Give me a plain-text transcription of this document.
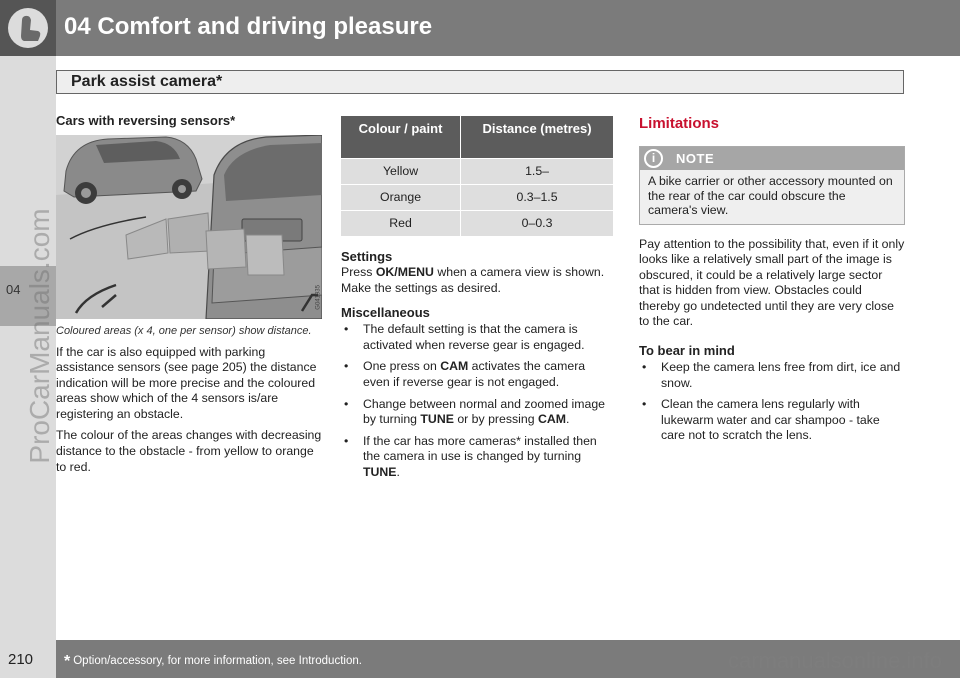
04 Comfort and driving pleasure
04
Park assist camera*
Cars with reversing sensors*
G041935
Coloured areas (x 4, one per sensor) show distance.

If the car is also equipped with parking assistance sensors (see page 205) the distance indication will be more precise and the coloured areas show which of the 4 sensors is/are registering an obstacle.

The colour of the areas changes with decreasing distance to the obstacle - from yellow to orange to red.

Colour / paint	Distance (metres)
Yellow	1.5–
Orange	0.3–1.5
Red	0–0.3
Settings

Press OK/MENU when a camera view is shown. Make the settings as desired.

Miscellaneous
• The default setting is that the camera is activated when reverse gear is engaged.
• One press on CAM activates the camera even if reverse gear is not engaged.
• Change between normal and zoomed image by turning TUNE or by pressing CAM.
• If the car has more cameras* installed then the camera in use is changed by turning TUNE.
Limitations
i	NOTE
A bike carrier or other accessory mounted on the rear of the car could obscure the camera's view.

Pay attention to the possibility that, even if it only looks like a relatively small part of the image is obscured, it could be a relatively large sector that is hidden from view. Obstacles could thereby go undetected until they are very close to the car.

To bear in mind
• Keep the camera lens free from dirt, ice and snow.
• Clean the camera lens regularly with lukewarm water and car shampoo - take care not to scratch the lens.
210 * Option/accessory, for more information, see Introduction.
ProCarManuals.com
carmanualsonline.info
